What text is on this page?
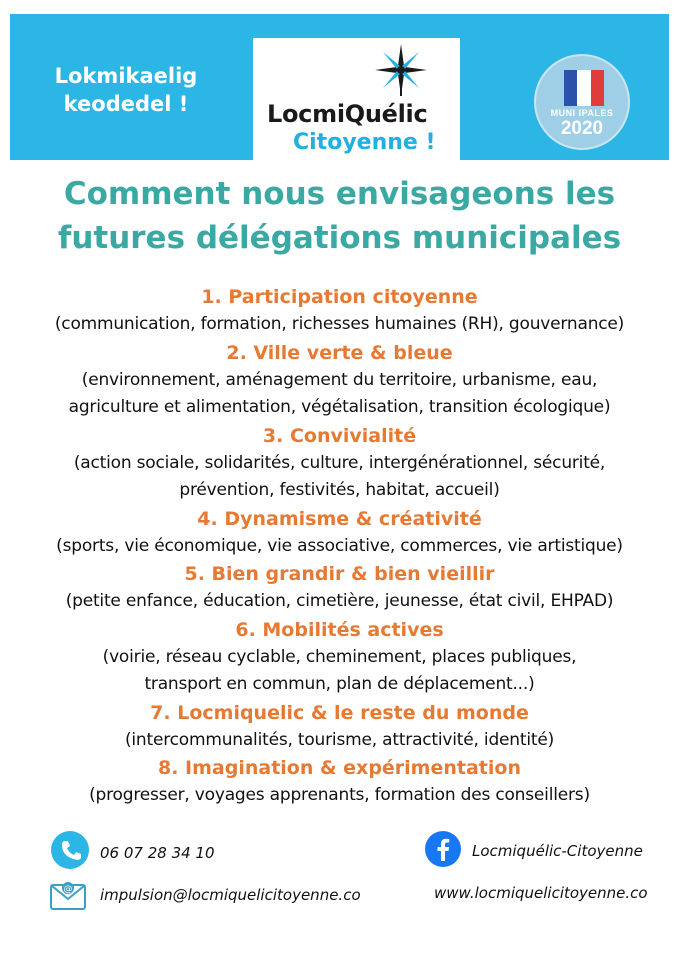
Lokmikaelig
keodedel !	LocmiQuélic
Citoyenne !
MUNI IPALES
2020
Comment nous envisageons les
futures délégations municipales
1. Participation citoyenne
(communication, formation, richesses humaines (RH), gouvernance)
2. Ville verte & bleue
(environnement, aménagement du territoire, urbanisme, eau,
agriculture et alimentation, végétalisation, transition écologique)
3. Convivialité
(action sociale, solidarités, culture, intergénérationnel, sécurité,
prévention, festivités, habitat, accueil)
4. Dynamisme & créativité
(sports, vie économique, vie associative, commerces, vie artistique)
5. Bien grandir & bien vieillir
(petite enfance, éducation, cimetière, jeunesse, état civil, EHPAD)
6. Mobilités actives
(voirie, réseau cyclable, cheminement, places publiques,
transport en commun, plan de déplacement...)
7. Locmiquelic & le reste du monde
(intercommunalités, tourisme, attractivité, identité)
8. Imagination & expérimentation
(progresser, voyages apprenants, formation des conseillers)
06 07 28 34 10
@ impulsion@locmiquelicitoyenne.co
Locmiquélic-Citoyenne
www.locmiquelicitoyenne.co
